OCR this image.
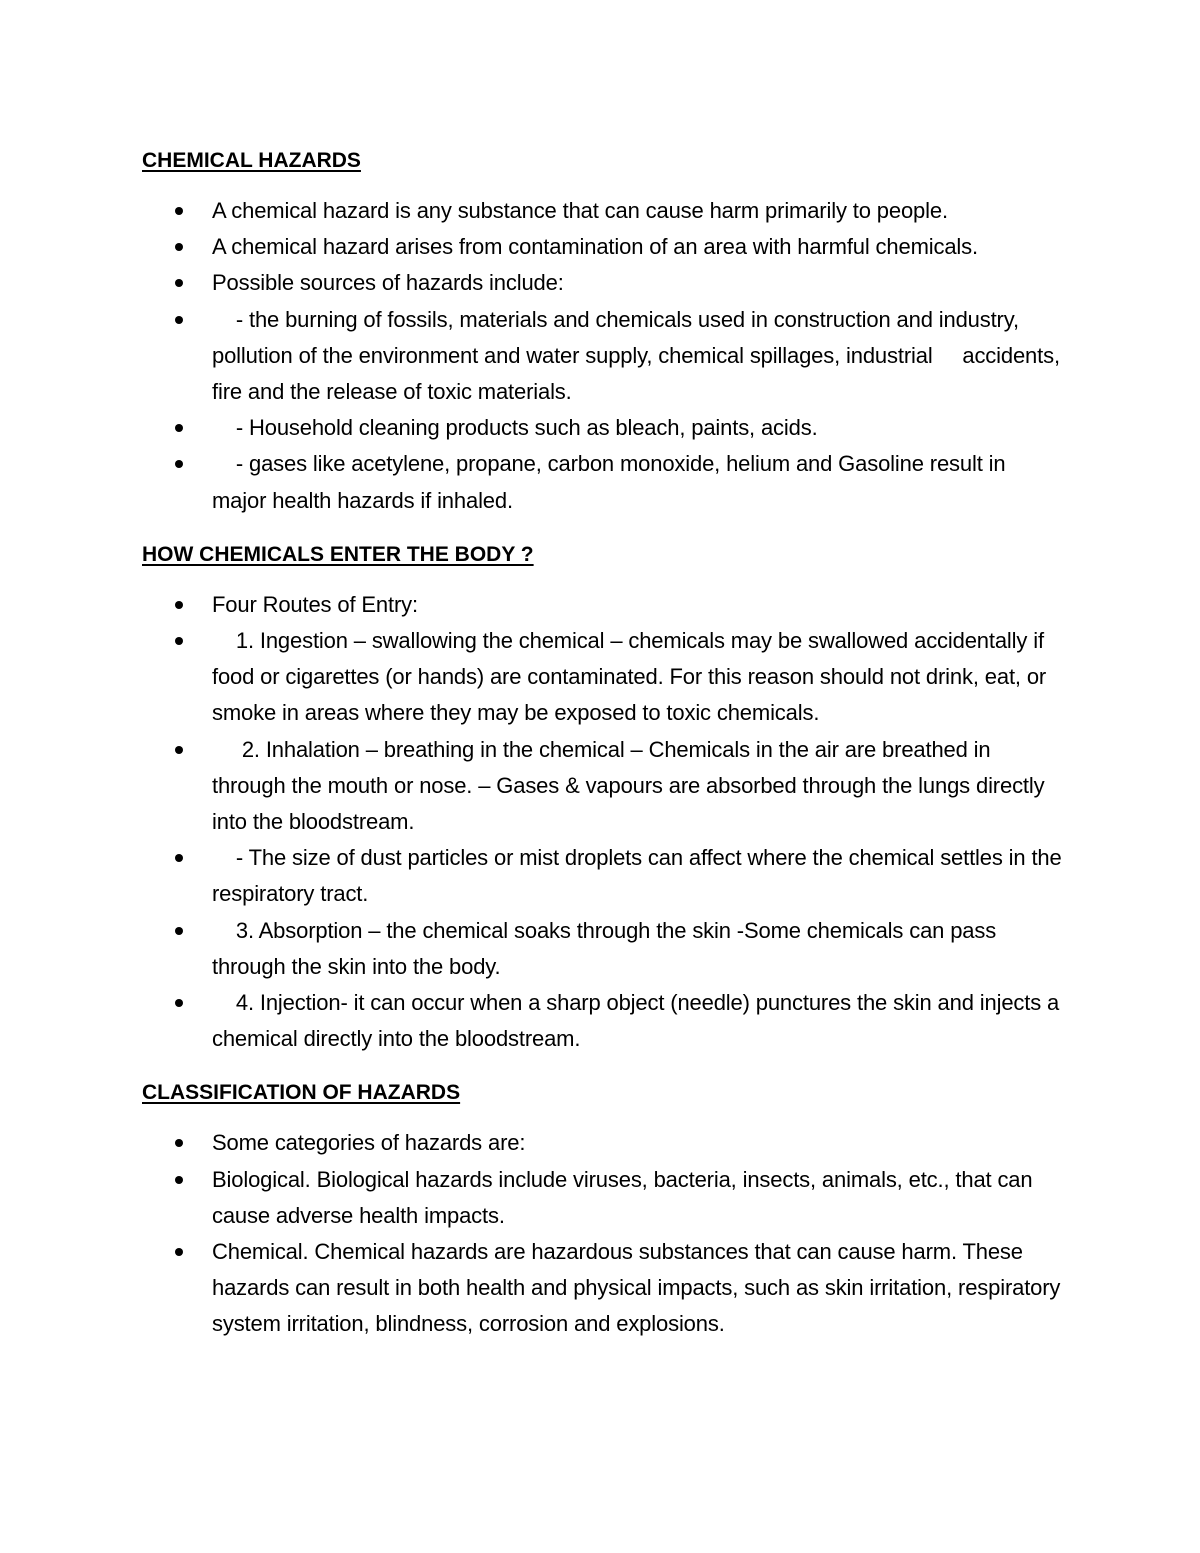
CHEMICAL HAZARDS
A chemical hazard is any substance that can cause harm primarily to people.
A chemical hazard arises from contamination of an area with harmful chemicals.
Possible sources of hazards include:
- the burning of fossils, materials and chemicals used in construction and industry,     pollution of the environment and water supply, chemical spillages, industrial     accidents, fire and the release of toxic materials.
- Household cleaning products such as bleach, paints, acids.
- gases like acetylene, propane, carbon monoxide, helium and Gasoline result in     major health hazards if inhaled.
HOW CHEMICALS ENTER THE BODY ?
Four Routes of Entry:
1. Ingestion – swallowing the chemical – chemicals may be swallowed accidentally if food or cigarettes (or hands) are contaminated. For this reason should not drink, eat, or smoke in areas where they may be exposed to toxic chemicals.
2. Inhalation – breathing in the chemical – Chemicals in the air are breathed in through the mouth or nose. – Gases & vapours are absorbed through the lungs directly into the bloodstream.
- The size of dust particles or mist droplets can affect where the chemical settles in the respiratory tract.
3. Absorption – the chemical soaks through the skin -Some chemicals can pass through the skin into the body.
4. Injection- it can occur when a sharp object (needle) punctures the skin and injects a chemical directly into the bloodstream.
CLASSIFICATION OF HAZARDS
Some categories of hazards are:
Biological. Biological hazards include viruses, bacteria, insects, animals, etc., that can cause adverse health impacts.
Chemical. Chemical hazards are hazardous substances that can cause harm. These hazards can result in both health and physical impacts, such as skin irritation, respiratory system irritation, blindness, corrosion and explosions.
